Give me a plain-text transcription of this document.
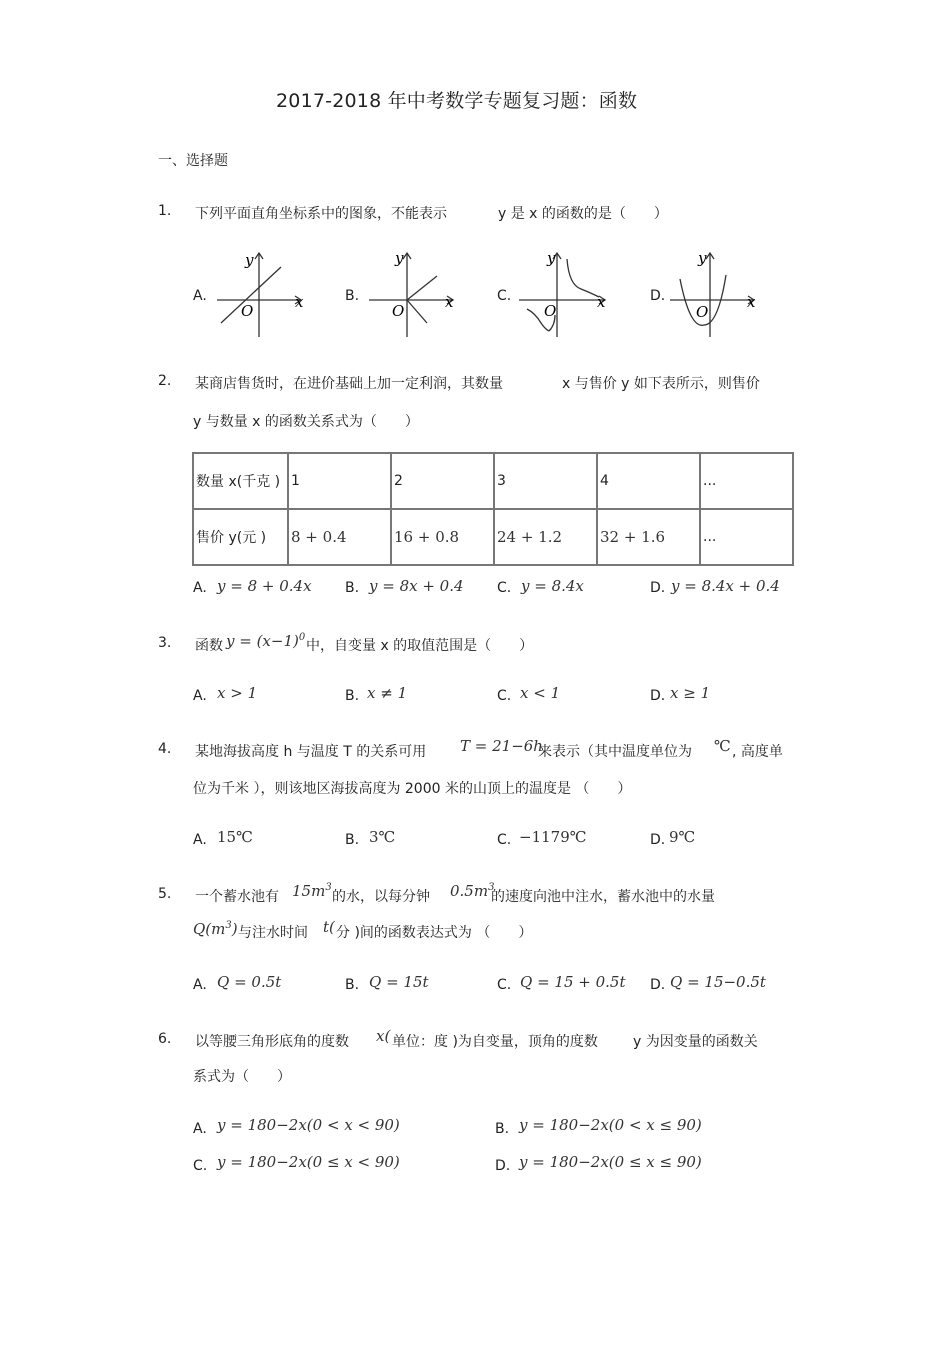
2017-2018 年中考数学专题复习题：函数
一、选择题
1. 下列平面直角坐标系中的图象，不能表示	y 是 x 的函数的是（　　）
A.	B.	C.	D.
y
x
O
y
x
O
y
x
O
y
x
O
2. 某商店售货时，在进价基础上加一定利润，其数量	x 与售价 y 如下表所示，则售价
y 与数量 x 的函数关系式为（　　）
数量 x(千克 )	1	2	3	4	...
售价 y(元 )	8 + 0.4	16 + 0.8	24 + 1.2	32 + 1.6	...
A. y = 8 + 0.4x B. y = 8x + 0.4 C. y = 8.4x	D. y = 8.4x + 0.4
3. 函数 $y = (x-1)^0$
中，自变量 x 的取值范围是（　　）
A. x > 1	B. x ≠ 1	C. x < 1	D. x ≥ 1
4. 某地海拔高度 h 与温度 T 的关系可用 T = 21−6h
来表示（其中温度单位为 ℃ , 高度单
位为千米 ），则该地区海拔高度为 2000 米的山顶上的温度是 （　　）
A. 15℃	B. 3℃	C. −1179℃	D. 9℃
5. 一个蓄水池有 $15m^3$
的水，以每分钟 $0.5m^3$
的速度向池中注水，蓄水池中的水量
$Q(m^3)$ 与注水时间 t( 分 )间的函数表达式为 （　　）
A. Q = 0.5t	B. Q = 15t	C. Q = 15 + 0.5t D. Q = 15−0.5t
6. 以等腰三角形底角的度数 x( 单位：度 )为自变量，顶角的度数	y 为因变量的函数关
系式为（　　）
A. y = 180−2x(0 < x < 90)	B. y = 180−2x(0 < x ≤ 90)
C. y = 180−2x(0 ≤ x < 90)	D. y = 180−2x(0 ≤ x ≤ 90)
